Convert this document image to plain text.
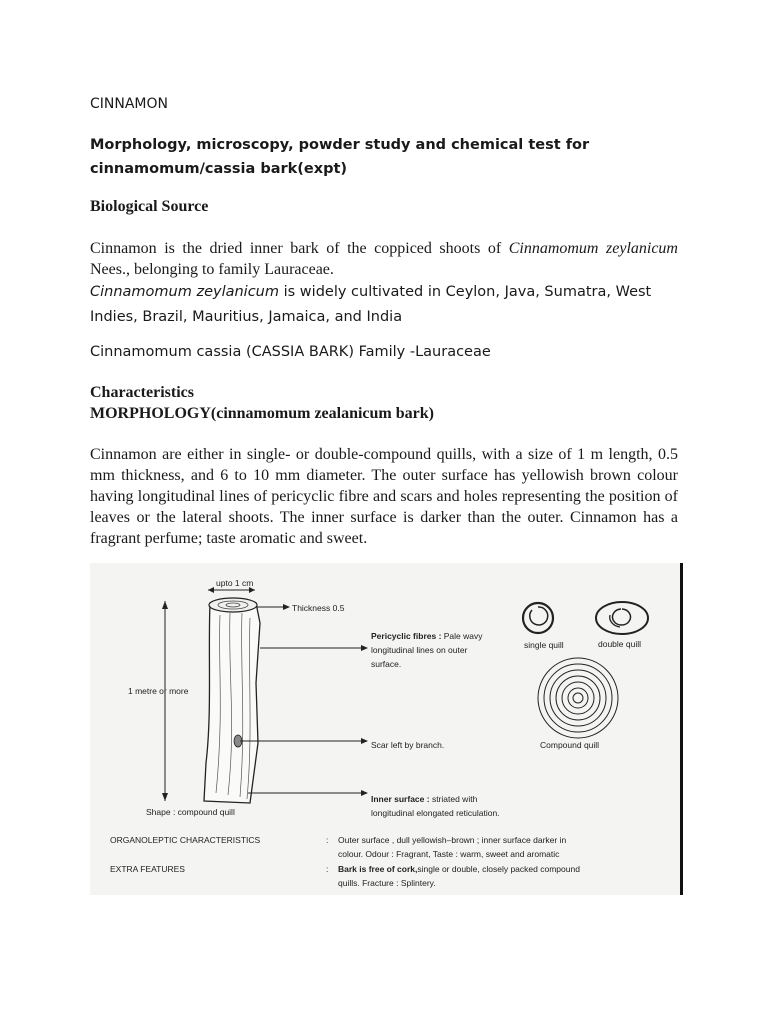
CINNAMON
Morphology, microscopy, powder study and chemical test for cinnamomum/cassia bark(expt)
Biological Source
Cinnamon is the dried inner bark of the coppiced shoots of Cinnamomum zeylanicum Nees., belonging to family Lauraceae.
Cinnamomum zeylanicum is widely cultivated in Ceylon, Java, Sumatra, West Indies, Brazil, Mauritius, Jamaica, and India
Cinnamomum cassia (CASSIA BARK) Family -Lauraceae
Characteristics
MORPHOLOGY(cinnamomum zealanicum bark)
Cinnamon are either in single- or double-compound quills, with a size of 1 m length, 0.5 mm thickness, and 6 to 10 mm diameter. The outer surface has yellowish brown colour having longitudinal lines of pericyclic fibre and scars and holes representing the position of leaves or the lateral shoots. The inner surface is darker than the outer. Cinnamon has a fragrant perfume; taste aromatic and sweet.
upto 1 cm
1 metre or more
Thickness 0.5
Pericyclic fibres : Pale wavy
longitudinal lines on outer
surface.
Scar left by branch.
Inner surface : striated with
longitudinal elongated reticulation.
Shape : compound quill
single quill	double quill
Compound quill
ORGANOLEPTIC CHARACTERISTICS	: Outer surface , dull yellowish–brown ; inner surface darker in
colour. Odour : Fragrant, Taste : warm, sweet and aromatic
EXTRA FEATURES	: Bark is free of cork,single or double, closely packed compound
quills. Fracture : Splintery.
